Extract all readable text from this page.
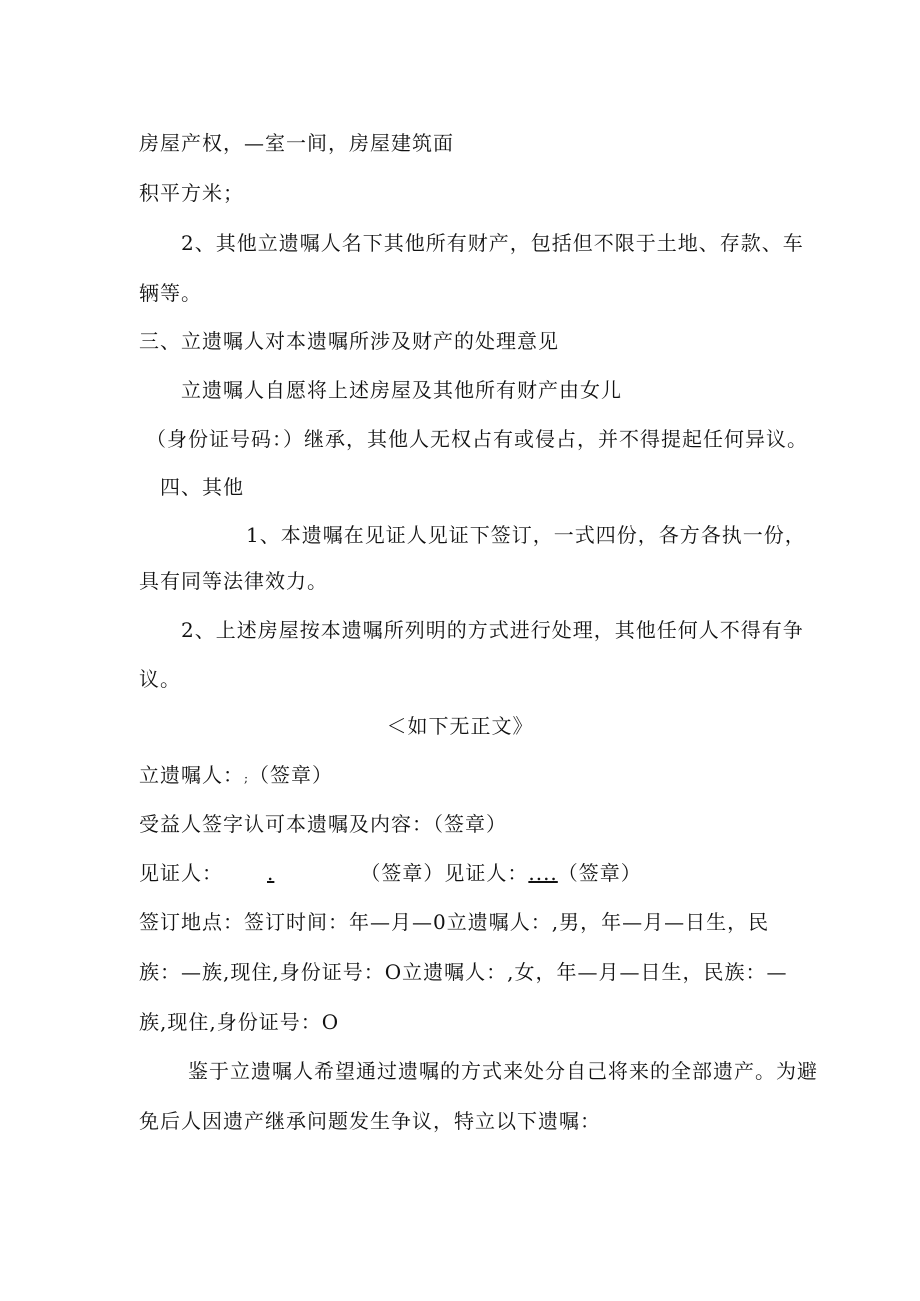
房屋产权，—室一间，房屋建筑面
积平方米；
2、其他立遗嘱人名下其他所有财产，包括但不限于土地、存款、车
辆等。
三、立遗嘱人对本遗嘱所涉及财产的处理意见
立遗嘱人自愿将上述房屋及其他所有财产由女儿
（身份证号码：）继承，其他人无权占有或侵占，并不得提起任何异议。
四、其他
1、本遗嘱在见证人见证下签订，一式四份，各方各执一份，
具有同等法律效力。
2、上述房屋按本遗嘱所列明的方式进行处理，其他任何人不得有争
议。
＜如下无正文》
立遗嘱人：;（签章）
受益人签字认可本遗嘱及内容：（签章）
见证人： .	（签章）见证人：....（签章）
签订地点：签订时间：年—月—0立遗嘱人：,男，年—月—日生，民
族：—族,现住,身份证号：O立遗嘱人：,女，年—月—日生，民族：—
族,现住,身份证号：O
鉴于立遗嘱人希望通过遗嘱的方式来处分自己将来的全部遗产。为避
免后人因遗产继承问题发生争议，特立以下遗嘱：
